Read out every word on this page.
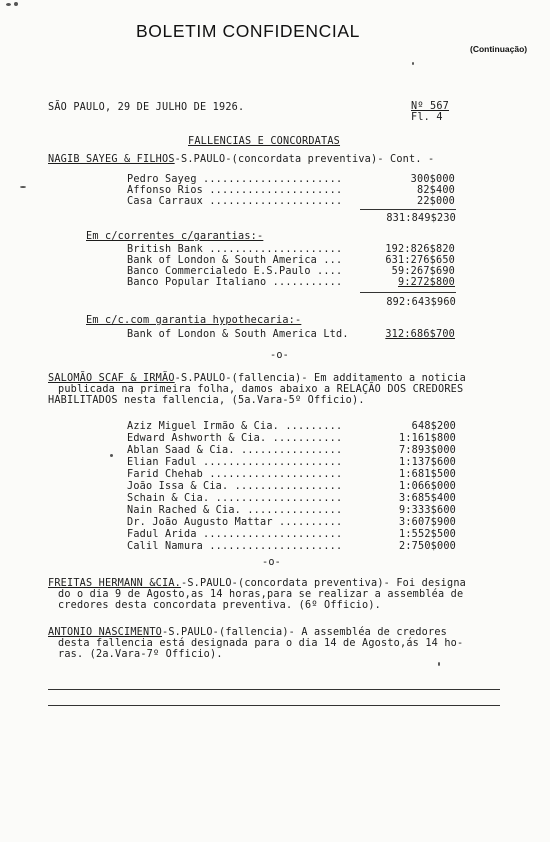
BOLETIM CONFIDENCIAL
(Continuação)
SÃO PAULO, 29 DE JULHO DE 1926.	Nº 567
Fl. 4
FALLENCIAS E CONCORDATAS
NAGIB SAYEG & FILHOS-S.PAULO-(concordata preventiva)- Cont. -
Pedro Sayeg ......................	300$000
Affonso Rios .....................	82$400
Casa Carraux .....................	22$000
831:849$230
Em c/correntes c/garantias:-
British Bank .....................	192:826$820
Bank of London & South America ...	631:276$650
Banco Commercialedo E.S.Paulo ....	59:267$690
Banco Popular Italiano ...........	9:272$800
892:643$960
Em c/c.com garantia hypothecaria:-
Bank of London & South America Ltd.	312:686$700
-o-
SALOMÃO SCAF & IRMÃO-S.PAULO-(fallencia)- Em additamento a noticia
publicada na primeira folha, damos abaixo a RELAÇÃO DOS CREDORES
HABILITADOS nesta fallencia, (5a.Vara-5º Officio).
Aziz Miguel Irmão & Cia. .........	648$200
Edward Ashworth & Cia. ...........	1:161$800
Ablan Saad & Cia. ................	7:893$000
Elian Fadul ......................	1:137$600
Farid Chehab .....................	1:681$500
João Issa & Cia. .................	1:066$000
Schain & Cia. ....................	3:685$400
Nain Rached & Cia. ...............	9:333$600
Dr. João Augusto Mattar ..........	3:607$900
Fadul Arida ......................	1:552$500
Calil Namura .....................	2:750$000
-o-
FREITAS HERMANN &CIA.-S.PAULO-(concordata preventiva)- Foi designa
do o dia 9 de Agosto,as 14 horas,para se realizar a assembléa de
credores desta concordata preventiva. (6º Officio).
ANTONIO NASCIMENTO-S.PAULO-(fallencia)- A assembléa de credores
desta fallencia está designada para o dia 14 de Agosto,ás 14 ho-
ras. (2a.Vara-7º Officio).
